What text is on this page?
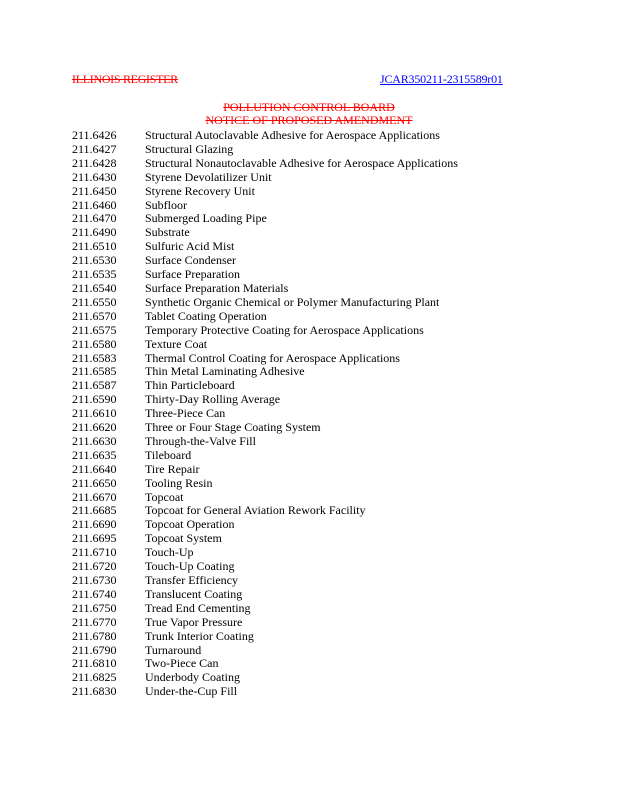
ILLINOIS REGISTER	JCAR350211-2315589r01
POLLUTION CONTROL BOARD
NOTICE OF PROPOSED AMENDMENT
211.6426 Structural Autoclavable Adhesive for Aerospace Applications
211.6427 Structural Glazing
211.6428 Structural Nonautoclavable Adhesive for Aerospace Applications
211.6430 Styrene Devolatilizer Unit
211.6450 Styrene Recovery Unit
211.6460 Subfloor
211.6470 Submerged Loading Pipe
211.6490 Substrate
211.6510 Sulfuric Acid Mist
211.6530 Surface Condenser
211.6535 Surface Preparation
211.6540 Surface Preparation Materials
211.6550 Synthetic Organic Chemical or Polymer Manufacturing Plant
211.6570 Tablet Coating Operation
211.6575 Temporary Protective Coating for Aerospace Applications
211.6580 Texture Coat
211.6583 Thermal Control Coating for Aerospace Applications
211.6585 Thin Metal Laminating Adhesive
211.6587 Thin Particleboard
211.6590 Thirty-Day Rolling Average
211.6610 Three-Piece Can
211.6620 Three or Four Stage Coating System
211.6630 Through-the-Valve Fill
211.6635 Tileboard
211.6640 Tire Repair
211.6650 Tooling Resin
211.6670 Topcoat
211.6685 Topcoat for General Aviation Rework Facility
211.6690 Topcoat Operation
211.6695 Topcoat System
211.6710 Touch-Up
211.6720 Touch-Up Coating
211.6730 Transfer Efficiency
211.6740 Translucent Coating
211.6750 Tread End Cementing
211.6770 True Vapor Pressure
211.6780 Trunk Interior Coating
211.6790 Turnaround
211.6810 Two-Piece Can
211.6825 Underbody Coating
211.6830 Under-the-Cup Fill
